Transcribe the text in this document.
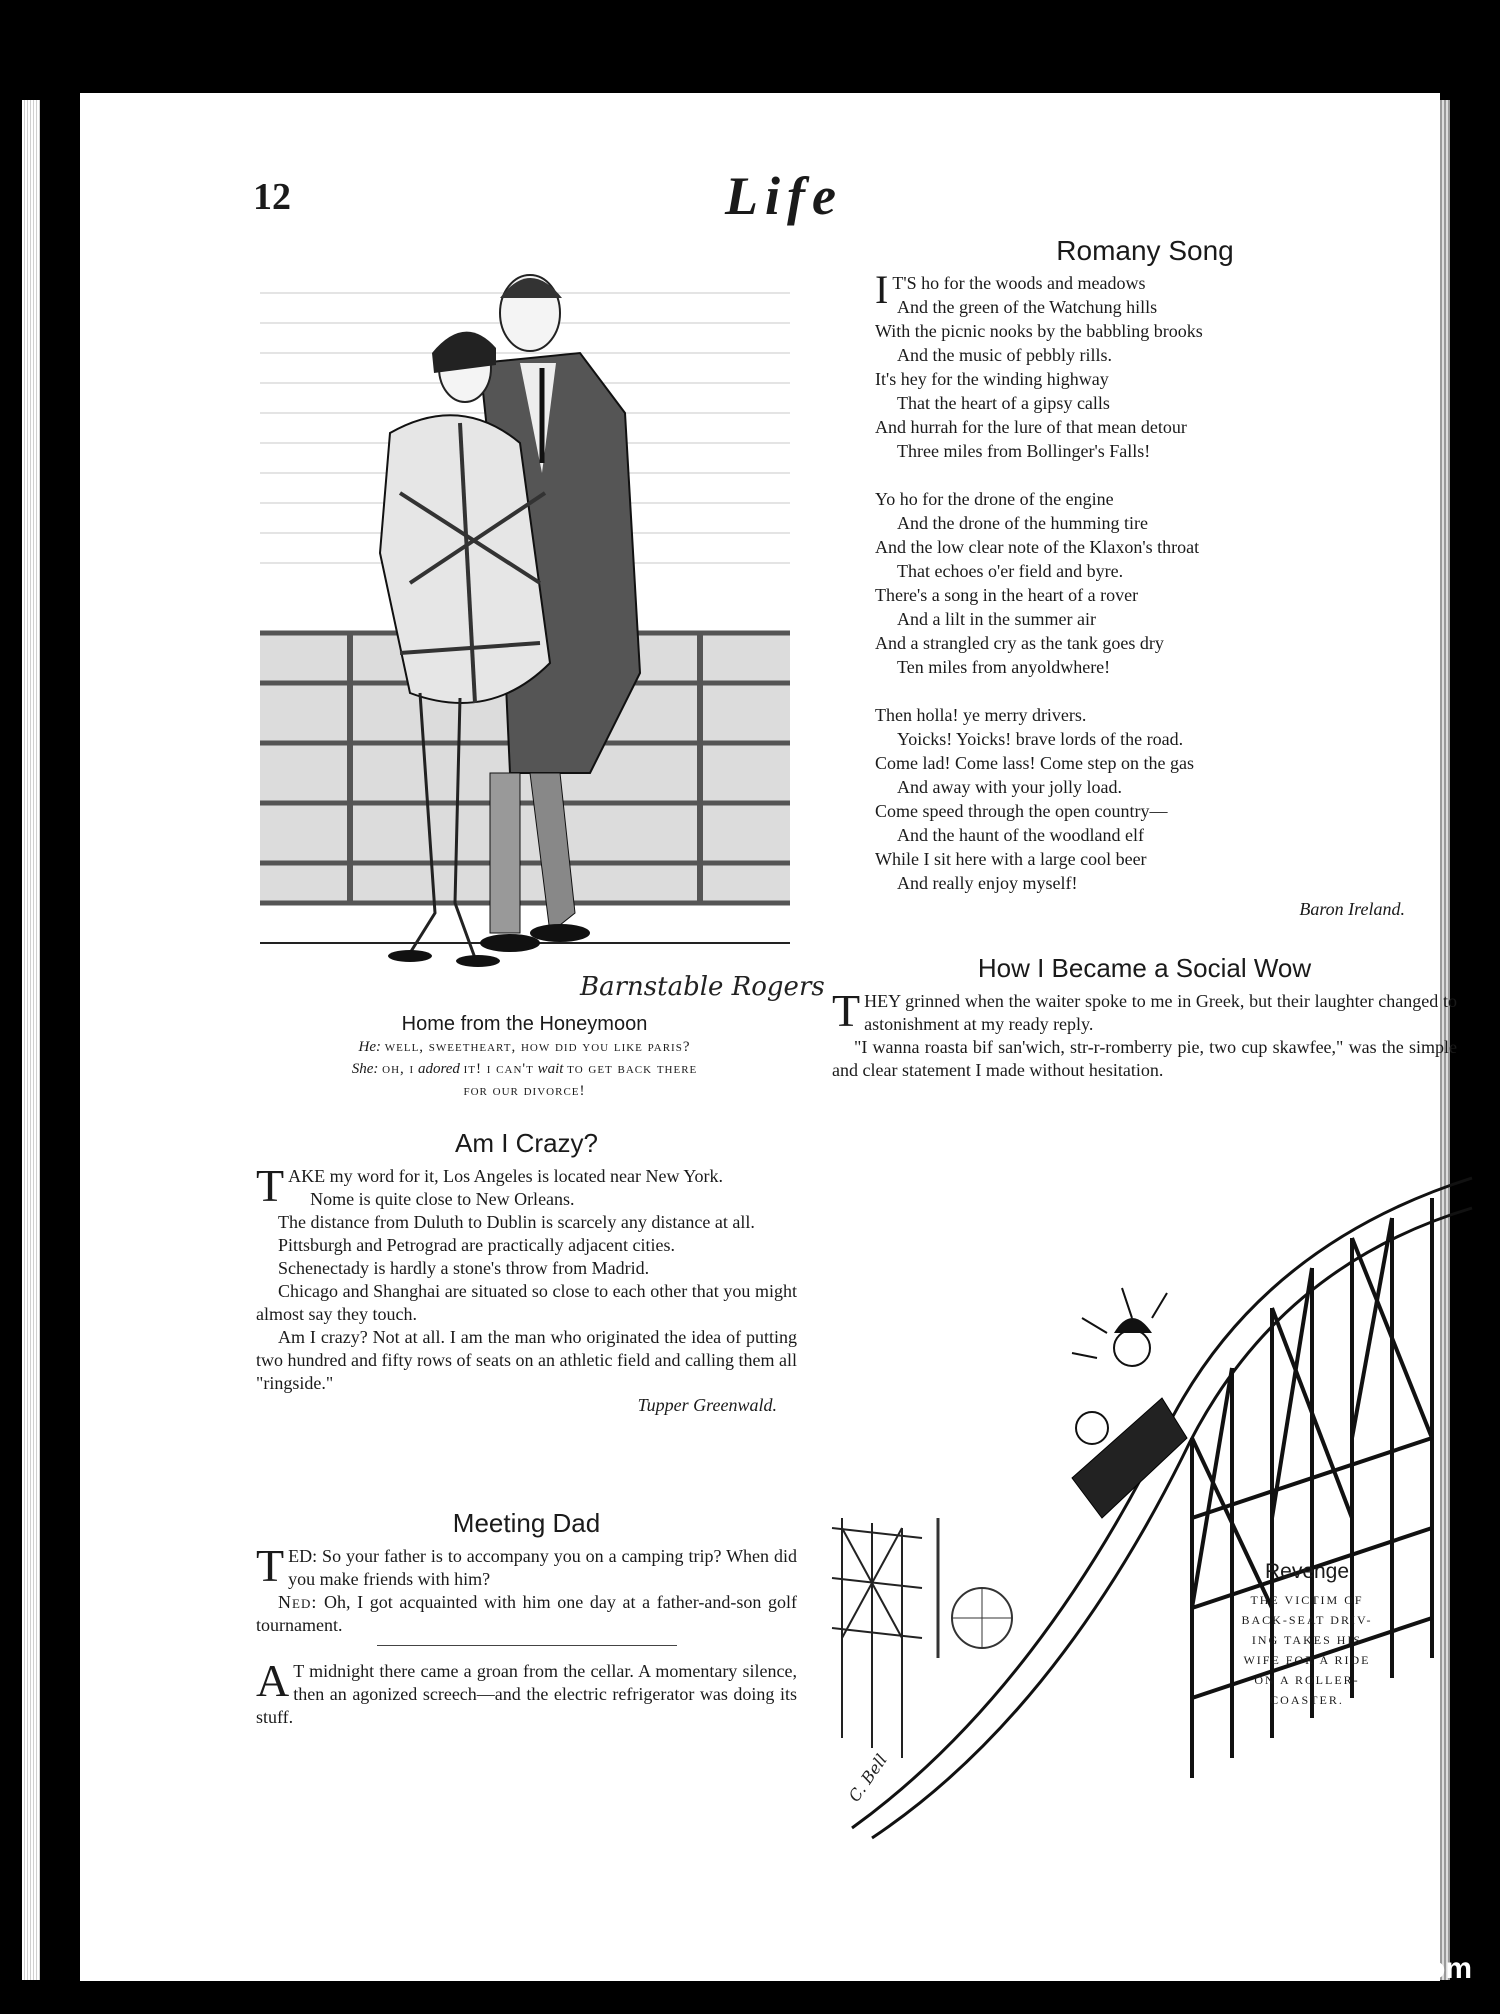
12	Life
Barnstable Rogers
Home from the Honeymoon
He: well, sweetheart, how did you like paris?
She: oh, i adored it! i can't wait to get back there
for our divorce!
Am I Crazy?

TAKE my word for it, Los Angeles is located near New York.

Nome is quite close to New Orleans.

The distance from Duluth to Dublin is scarcely any distance at all.

Pittsburgh and Petrograd are practically adjacent cities.

Schenectady is hardly a stone's throw from Madrid.

Chicago and Shanghai are situated so close to each other that you might almost say they touch.

Am I crazy? Not at all. I am the man who originated the idea of putting two hundred and fifty rows of seats on an athletic field and calling them all "ringside."

Tupper Greenwald.
Meeting Dad

TED: So your father is to accompany you on a camping trip? When did you make friends with him?

Ned: Oh, I got acquainted with him one day at a father-and-son golf tournament.

A T midnight there came a groan from the cellar. A momentary silence, then an agonized screech—and the electric refrigerator was doing its stuff.

Romany Song
I T'S ho for the woods and meadows
And the green of the Watchung hills
With the picnic nooks by the babbling brooks
And the music of pebbly rills.
It's hey for the winding highway
That the heart of a gipsy calls
And hurrah for the lure of that mean detour
Three miles from Bollinger's Falls!
Yo ho for the drone of the engine
And the drone of the humming tire
And the low clear note of the Klaxon's throat
That echoes o'er field and byre.
There's a song in the heart of a rover
And a lilt in the summer air
And a strangled cry as the tank goes dry
Ten miles from anyoldwhere!
Then holla! ye merry drivers.
Yoicks! Yoicks! brave lords of the road.
Come lad! Come lass! Come step on the gas
And away with your jolly load.
Come speed through the open country—
And the haunt of the woodland elf
While I sit here with a large cool beer
And really enjoy myself!
Baron Ireland.
How I Became a Social Wow

THEY grinned when the waiter spoke to me in Greek, but their laughter changed to astonishment at my ready reply.

"I wanna roasta bif san'wich, str-r-romberry pie, two cup skawfee," was the simple and clear statement I made without hesitation.

C. Bell
Revenge
THE VICTIM OF
BACK-SEAT DRIV-
ING TAKES HIS
WIFE FOR A RIDE
ON A ROLLER-
COASTER.
comicbooks.com
